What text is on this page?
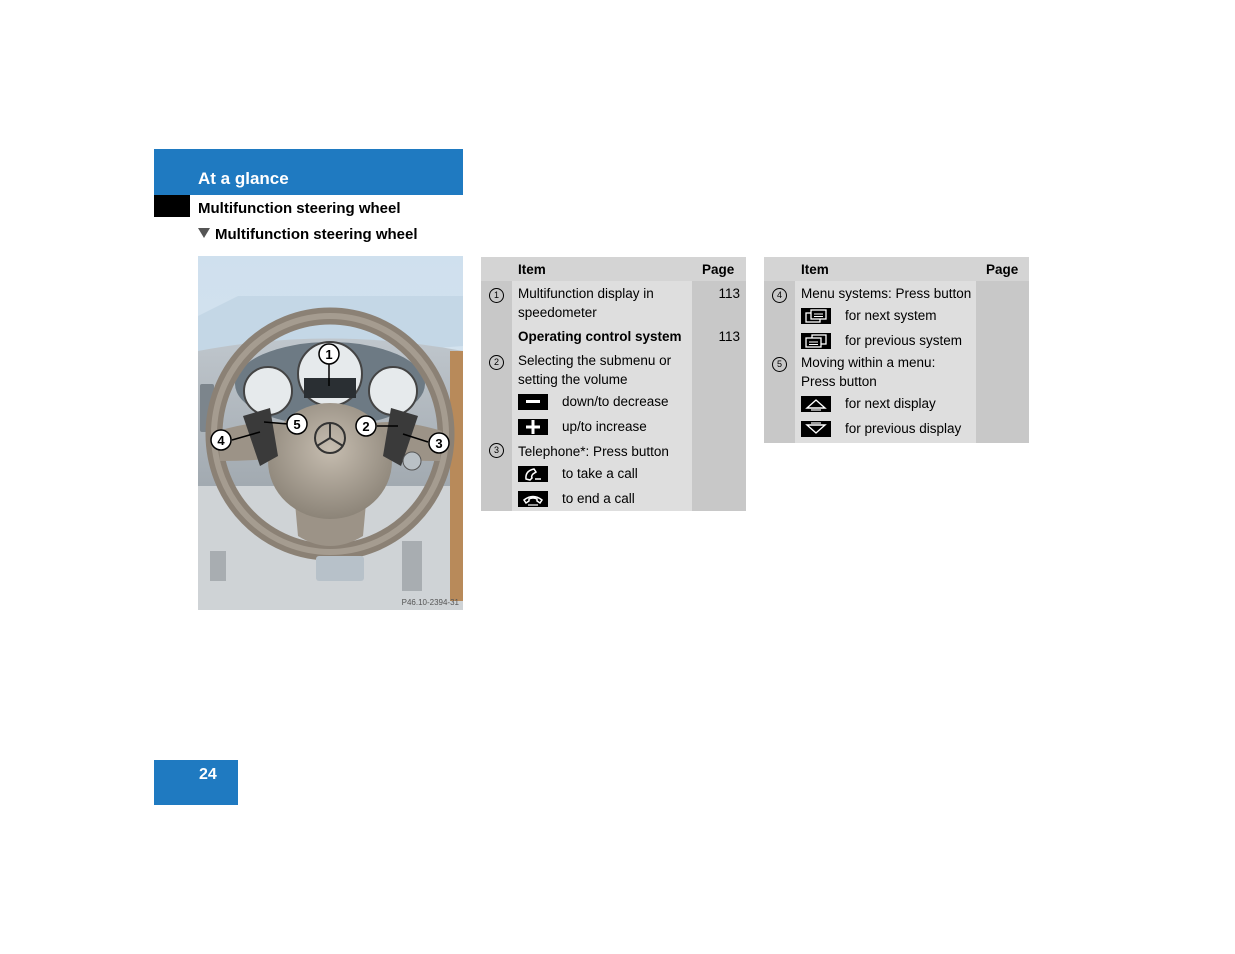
At a glance
Multifunction steering wheel
Multifunction steering wheel
1
2
3
4
5
P46.10-2394-31
	Item	Page
1	Multifunction display in speedometer	113
	Operating control system	113
2	Selecting the submenu or setting the volume	

	down/to decrease	

	up/to increase	

3	Telephone*: Press button	

	to take a call	

	to end a call	

	Item	Page
4	Menu systems: Press button	

	for next system	

	for previous system	

5	Moving within a menu: Press button	

	for next display	

	for previous display	

24
